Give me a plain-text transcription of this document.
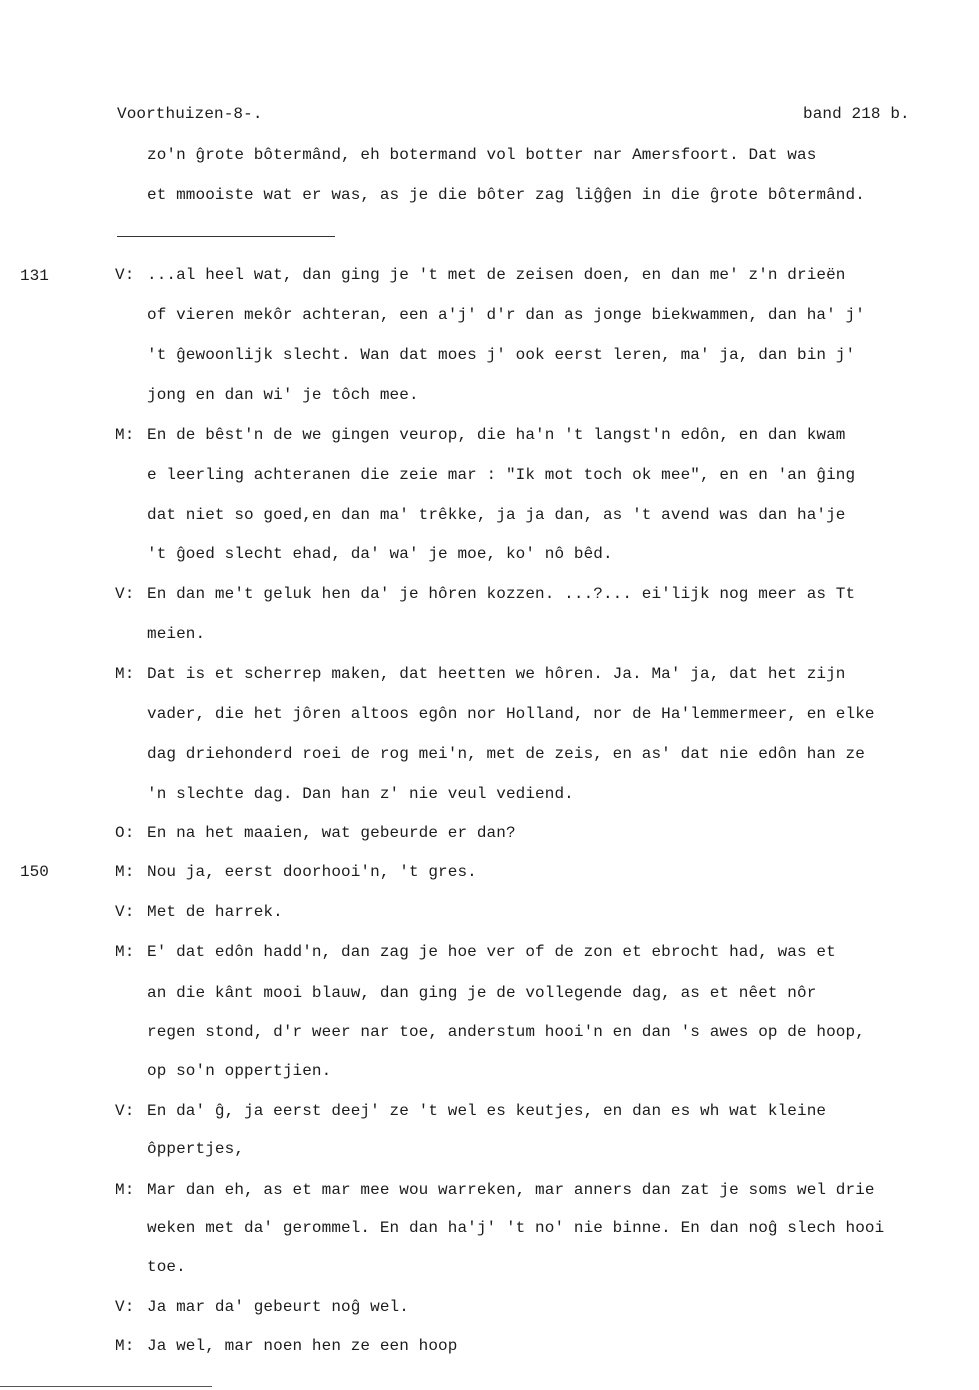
Voorthuizen-8-.	band 218 b.
131
150
zo'n ĝrote bôtermând, eh botermand vol botter nar Amersfoort. Dat was
et mmooiste wat er was, as je die bôter zag liĝĝen in die ĝrote bôtermând.
V: ...al heel wat, dan ging je 't met de zeisen doen, en dan me' z'n drieën
of vieren mekôr achteran, een a'j' d'r dan as jonge biekwammen, dan ha' j'
't ĝewoonlijk slecht. Wan dat moes j' ook eerst leren, ma' ja, dan bin j'
jong en dan wi' je tôch mee.
M: En de bêst'n de we gingen veurop, die ha'n 't langst'n edôn, en dan kwam
e leerling achteranen die zeie mar : "Ik mot toch ok mee", en en 'an ĝing
dat niet so goed,en dan ma' trêkke, ja ja dan, as 't avend was dan ha'je
't ĝoed slecht ehad, da' wa' je moe, ko' nô bêd.
V: En dan me't geluk hen da' je hôren kozzen. ...?... ei'lijk nog meer as Tt
meien.
M: Dat is et scherrep maken, dat heetten we hôren. Ja. Ma' ja, dat het zijn
vader, die het jôren altoos egôn nor Holland, nor de Ha'lemmermeer, en elke
dag driehonderd roei de rog mei'n, met de zeis, en as' dat nie edôn han ze
'n slechte dag. Dan han z' nie veul vediend.
O: En na het maaien, wat gebeurde er dan?
M: Nou ja, eerst doorhooi'n, 't gres.
V: Met de harrek.
M: E' dat edôn hadd'n, dan zag je hoe ver of de zon et ebrocht had, was et
an die kânt mooi blauw, dan ging je de vollegende dag, as et nêet nôr
regen stond, d'r weer nar toe, anderstum hooi'n en dan 's awes op de hoop,
op so'n oppertjien.
V: En da' ĝ, ja eerst deej' ze 't wel es keutjes, en dan es wh wat kleine
ôppertjes,
M: Mar dan eh, as et mar mee wou warreken, mar anners dan zat je soms wel drie
weken met da' gerommel. En dan ha'j' 't no' nie binne. En dan noĝ slech hooi
toe.
V: Ja mar da' gebeurt noĝ wel.
M: Ja wel, mar noen hen ze een hoop
